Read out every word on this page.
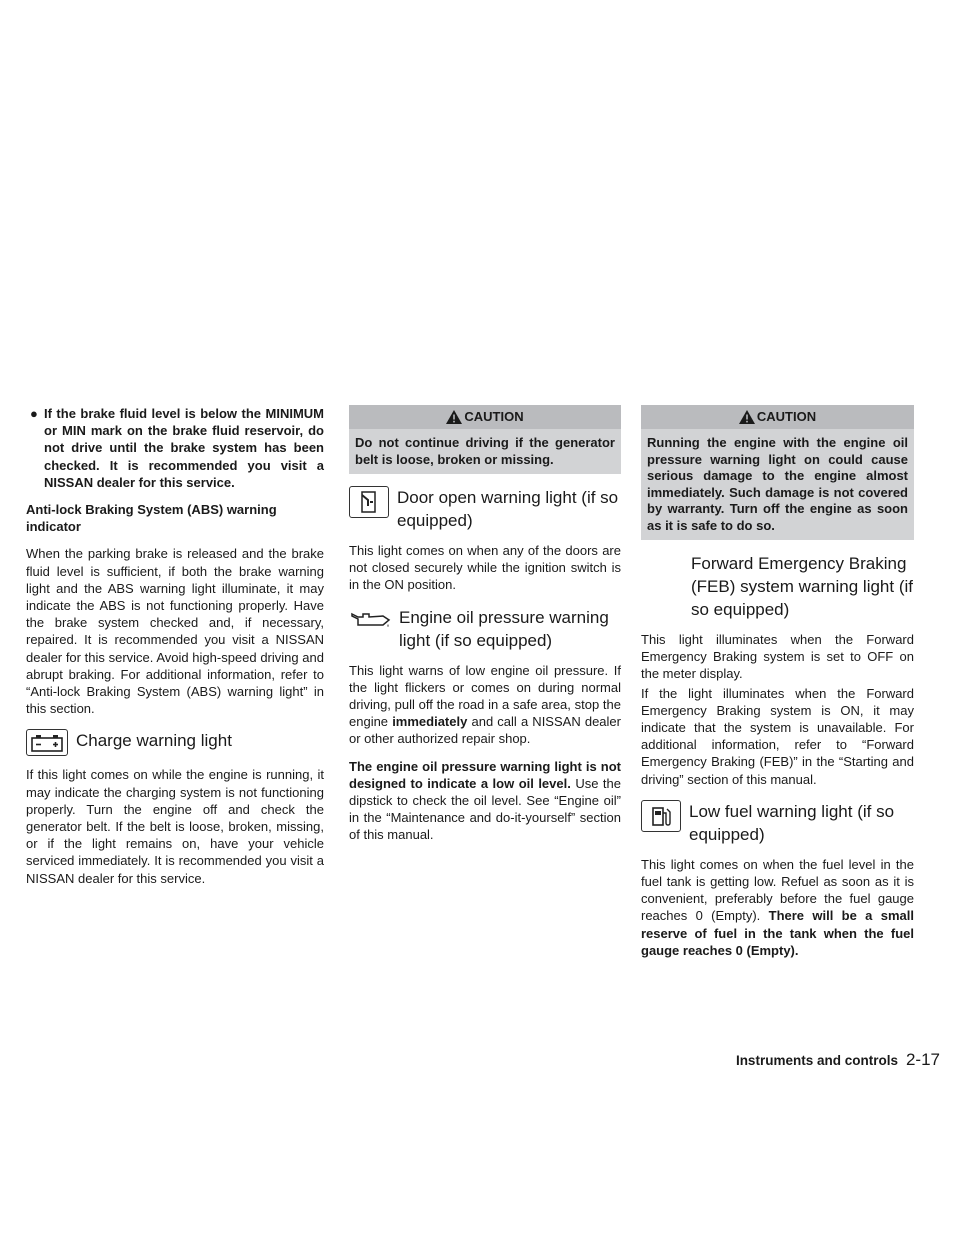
● If the brake fluid level is below the MINIMUM or MIN mark on the brake fluid reservoir, do not drive until the brake system has been checked. It is recommended you visit a NISSAN dealer for this service.
Anti-lock Braking System (ABS) warning indicator

When the parking brake is released and the brake fluid level is sufficient, if both the brake warning light and the ABS warning light illuminate, it may indicate the ABS is not functioning properly. Have the brake system checked and, if necessary, repaired. It is recommended you visit a NISSAN dealer for this service. Avoid high-speed driving and abrupt braking. For additional information, refer to “Anti-lock Braking System (ABS) warning light” in this section.

Charge warning light

If this light comes on while the engine is running, it may indicate the charging system is not functioning properly. Turn the engine off and check the generator belt. If the belt is loose, broken, missing, or if the light remains on, have your vehicle serviced immediately. It is recommended you visit a NISSAN dealer for this service.

CAUTION
Do not continue driving if the generator belt is loose, broken or missing.
Door open warning light (if so equipped)

This light comes on when any of the doors are not closed securely while the ignition switch is in the ON position.

Engine oil pressure warning light (if so equipped)

This light warns of low engine oil pressure. If the light flickers or comes on during normal driving, pull off the road in a safe area, stop the engine immediately and call a NISSAN dealer or other authorized repair shop.

The engine oil pressure warning light is not designed to indicate a low oil level. Use the dipstick to check the oil level. See “Engine oil” in the “Maintenance and do-it-yourself” section of this manual.

CAUTION
Running the engine with the engine oil pressure warning light on could cause serious damage to the engine almost immediately. Such damage is not covered by warranty. Turn off the engine as soon as it is safe to do so.
Forward Emergency Braking (FEB) system warning light (if so equipped)

This light illuminates when the Forward Emergency Braking system is set to OFF on the meter display.

If the light illuminates when the Forward Emergency Braking system is ON, it may indicate that the system is unavailable. For additional information, refer to “Forward Emergency Braking (FEB)” in the “Starting and driving” section of this manual.

Low fuel warning light (if so equipped)

This light comes on when the fuel level in the fuel tank is getting low. Refuel as soon as it is convenient, preferably before the fuel gauge reaches 0 (Empty). There will be a small reserve of fuel in the tank when the fuel gauge reaches 0 (Empty).

Instruments and controls 2-17
